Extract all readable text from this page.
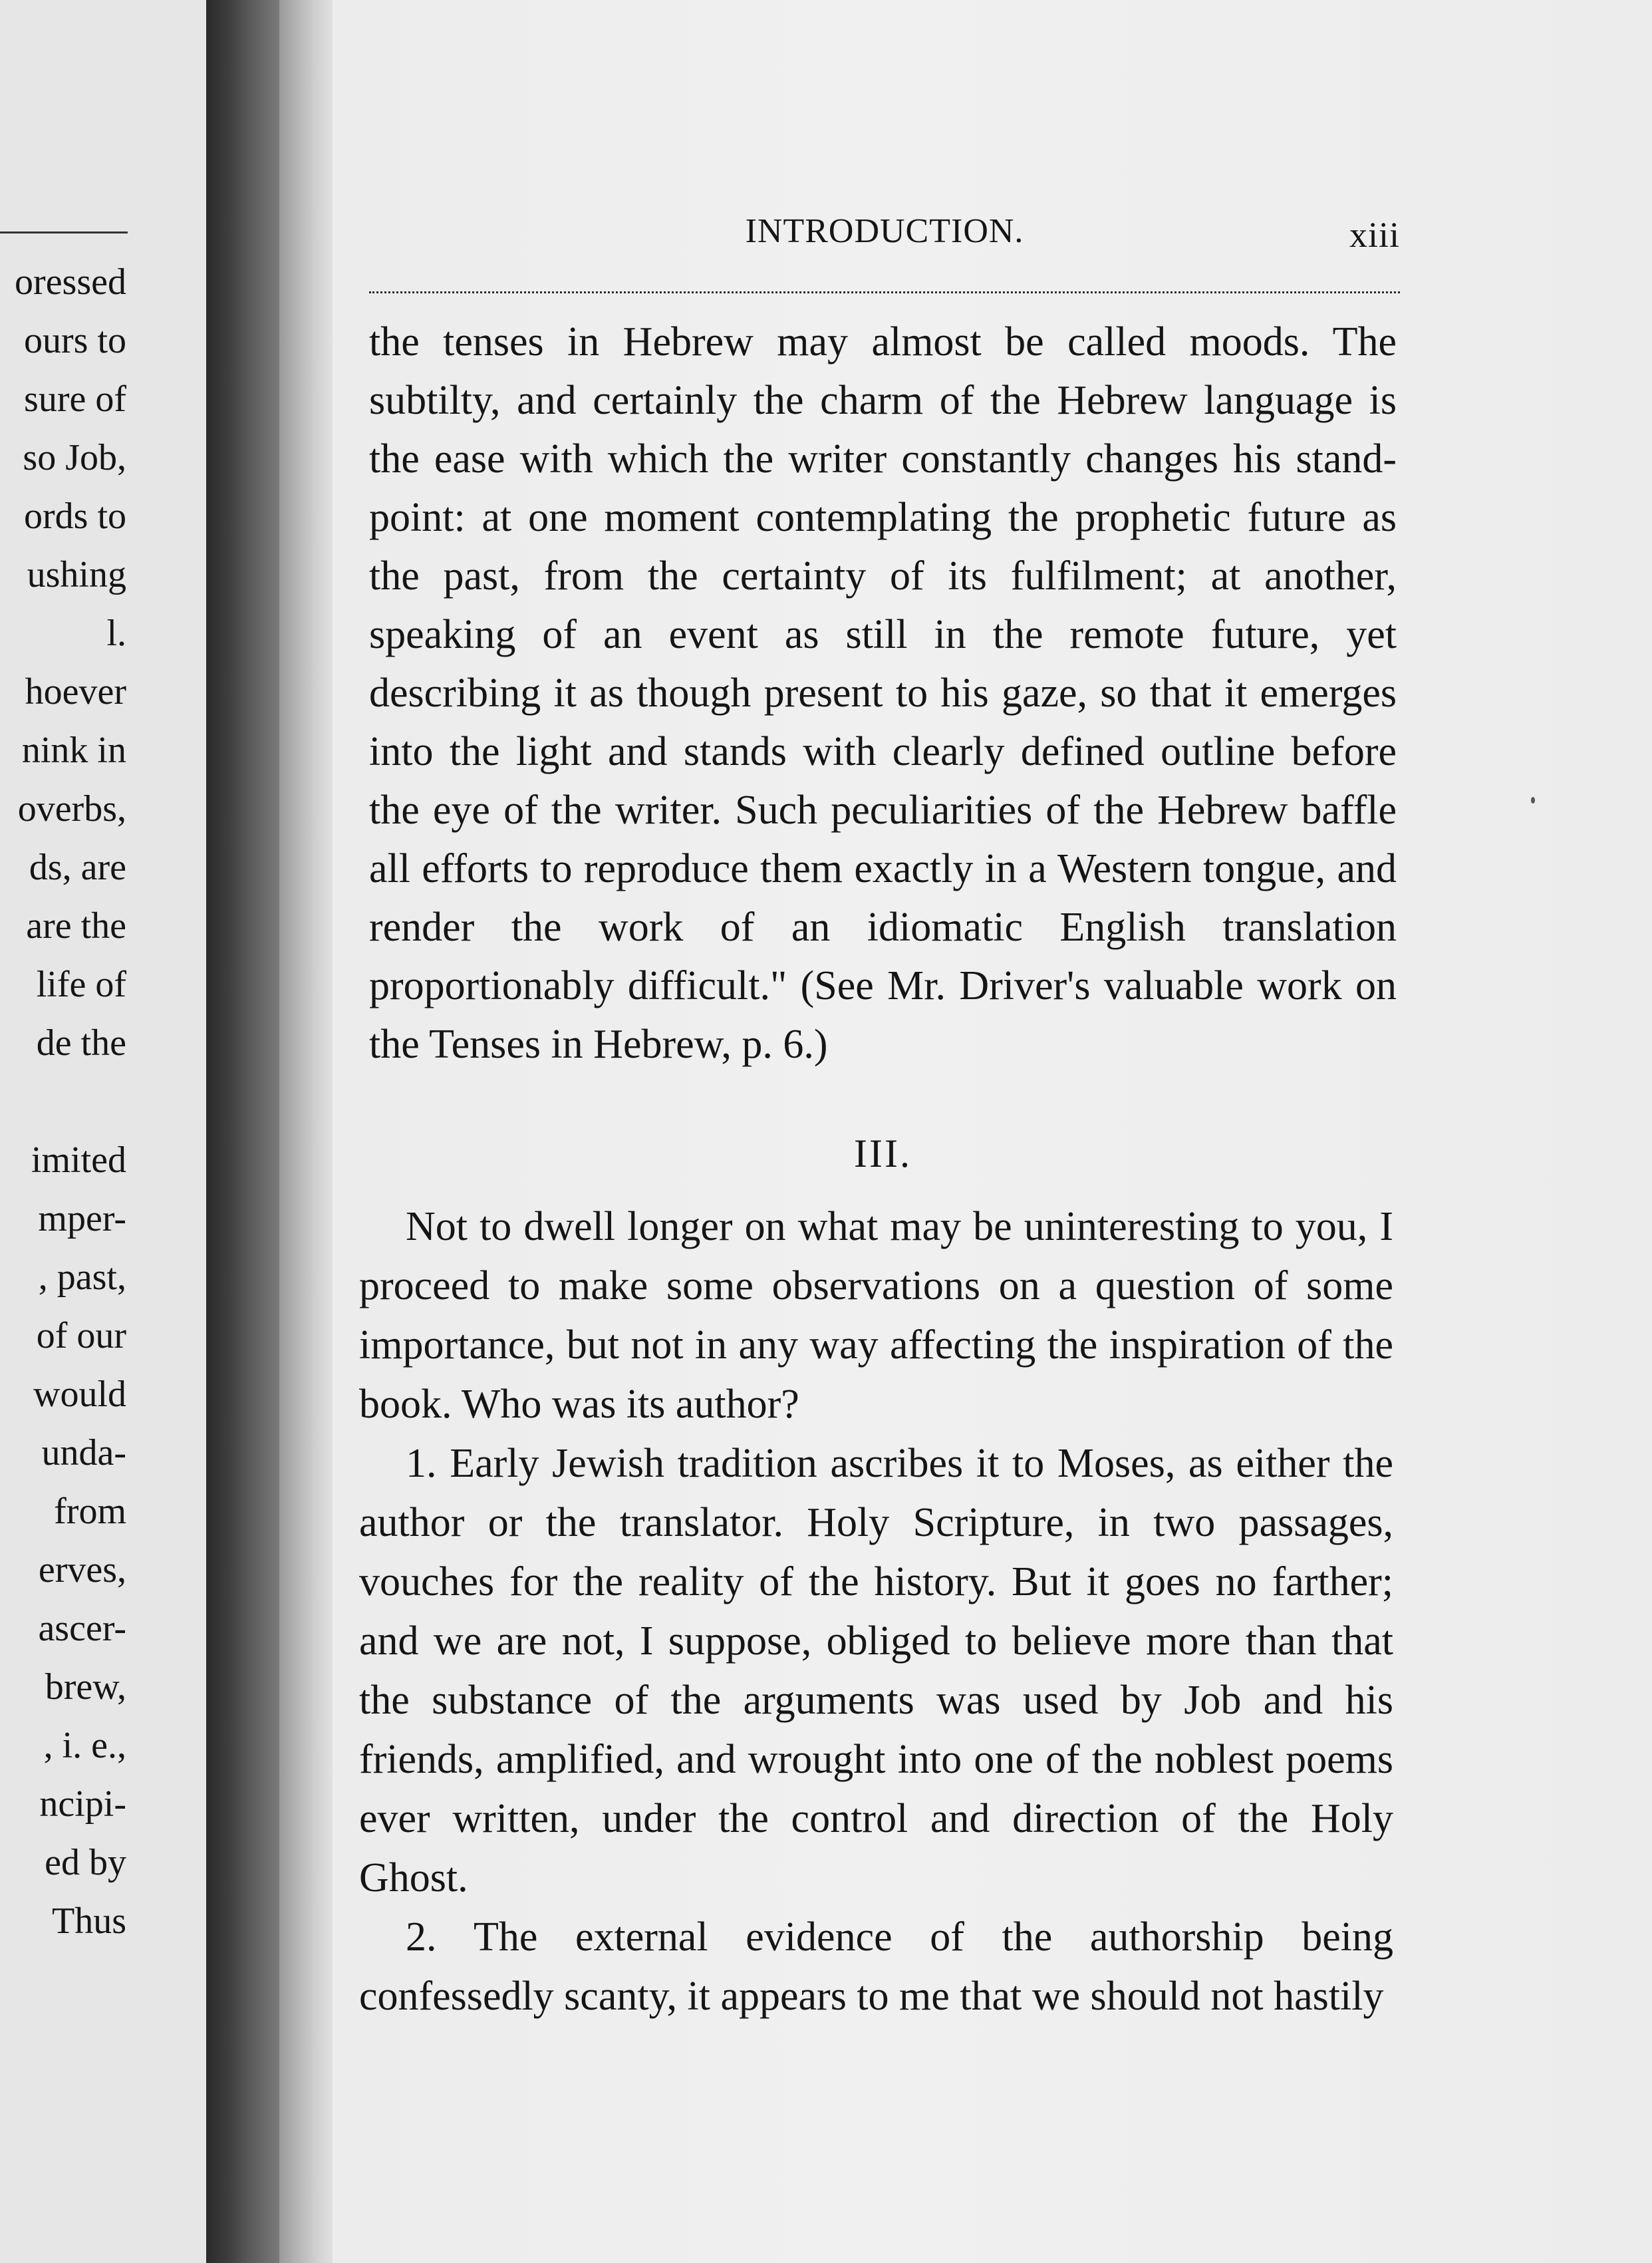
oressed
ours to
sure of
so Job,
ords to
ushing
l.
hoever
nink in
overbs,
ds, are
are the
life of
de the
imited
mper-
, past,
of our
would
unda-
from
erves,
ascer-
brew,
, i. e.,
ncipi-
ed by
Thus
INTRODUCTION.	xiii

the tenses in Hebrew may almost be called moods. The subtilty, and certainly the charm of the Hebrew language is the ease with which the writer constantly changes his stand-point: at one moment contemplating the prophetic future as the past, from the certainty of its fulfilment; at another, speaking of an event as still in the remote future, yet describing it as though present to his gaze, so that it emerges into the light and stands with clearly defined outline before the eye of the writer. Such peculiarities of the Hebrew baffle all efforts to reproduce them exactly in a Western tongue, and render the work of an idiomatic English translation proportionably difficult." (See Mr. Driver's valuable work on the Tenses in Hebrew, p. 6.)

III.

Not to dwell longer on what may be uninteresting to you, I proceed to make some observations on a question of some importance, but not in any way affecting the inspiration of the book. Who was its author?

1. Early Jewish tradition ascribes it to Moses, as either the author or the translator. Holy Scripture, in two passages, vouches for the reality of the history. But it goes no farther; and we are not, I suppose, obliged to believe more than that the substance of the arguments was used by Job and his friends, amplified, and wrought into one of the noblest poems ever written, under the control and direction of the Holy Ghost.

2. The external evidence of the authorship being confessedly scanty, it appears to me that we should not hastily
